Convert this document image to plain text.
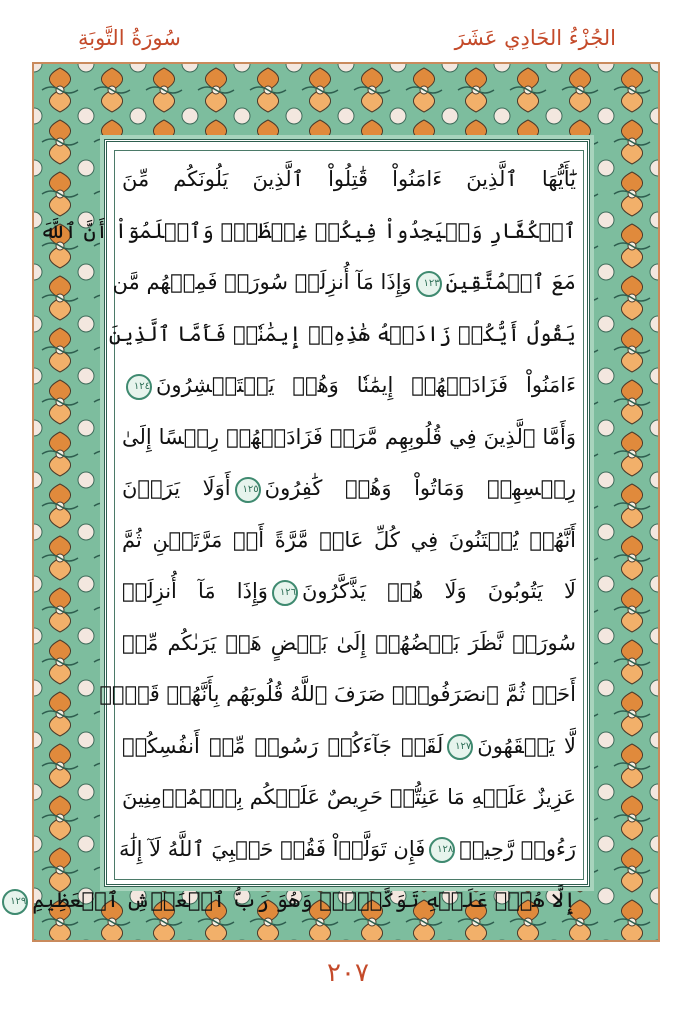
سُورَةُ التَّوبَةِ	الجُزْءُ الحَادِي عَشَرَ
يَٰٓأَيُّهَا ٱلَّذِينَ ءَامَنُواْ قَٰتِلُواْ ٱلَّذِينَ يَلُونَكُم مِّنَ
ٱلۡكُفَّارِ وَلۡيَجِدُواْ فِيكُمۡ غِلۡظَةٗۚ وَٱعۡلَمُوٓاْ أَنَّ ٱللَّهَ
مَعَ ٱلۡمُتَّقِينَ١٢٣وَإِذَا مَآ أُنزِلَتۡ سُورَةٞ فَمِنۡهُم مَّن
يَقُولُ أَيُّكُمۡ زَادَتۡهُ هَٰذِهِۦٓ إِيمَٰنٗاۚ فَأَمَّا ٱلَّذِينَ
ءَامَنُواْ فَزَادَتۡهُمۡ إِيمَٰنٗا وَهُمۡ يَسۡتَبۡشِرُونَ١٢٤
وَأَمَّا ٱلَّذِينَ فِي قُلُوبِهِم مَّرَضٞ فَزَادَتۡهُمۡ رِجۡسًا إِلَىٰ
رِجۡسِهِمۡ وَمَاتُواْ وَهُمۡ كَٰفِرُونَ١٢٥أَوَلَا يَرَوۡنَ
أَنَّهُمۡ يُفۡتَنُونَ فِي كُلِّ عَامٖ مَّرَّةً أَوۡ مَرَّتَيۡنِ ثُمَّ
لَا يَتُوبُونَ وَلَا هُمۡ يَذَّكَّرُونَ١٢٦وَإِذَا مَآ أُنزِلَتۡ
سُورَةٞ نَّظَرَ بَعۡضُهُمۡ إِلَىٰ بَعۡضٍ هَلۡ يَرَىٰكُم مِّنۡ
أَحَدٖ ثُمَّ ٱنصَرَفُواْۚ صَرَفَ ٱللَّهُ قُلُوبَهُم بِأَنَّهُمۡ قَوۡمٞ
لَّا يَفۡقَهُونَ١٢٧لَقَدۡ جَآءَكُمۡ رَسُولٞ مِّنۡ أَنفُسِكُمۡ
عَزِيزٌ عَلَيۡهِ مَا عَنِتُّمۡ حَرِيصٌ عَلَيۡكُم بِٱلۡمُؤۡمِنِينَ
رَءُوفٞ رَّحِيمٞ١٢٨فَإِن تَوَلَّوۡاْ فَقُلۡ حَسۡبِيَ ٱللَّهُ لَآ إِلَٰهَ
إِلَّا هُوَۖ عَلَيۡهِ تَوَكَّلۡتُۖ وَهُوَ رَبُّ ٱلۡعَرۡشِ ٱلۡعَظِيمِ١٢٩
٢٠٧
